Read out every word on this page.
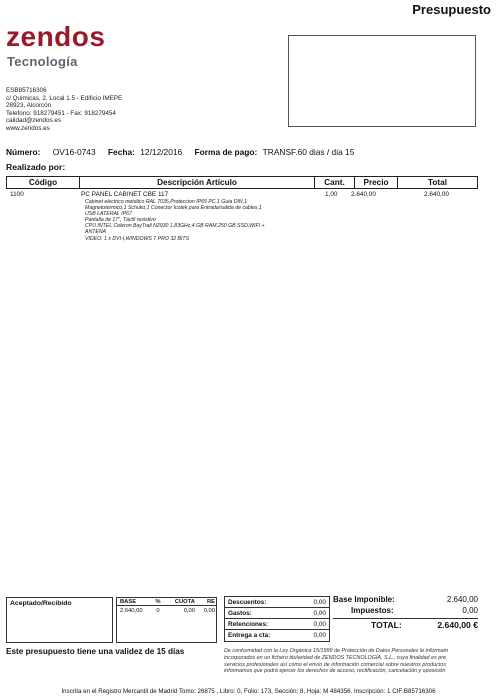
Presupuesto
zendos
Tecnología
ESB85716306
c/ Quimicas, 2. Local 1.5 - Edificio IMEPE
28923, Alcorcón
Telefono: 918279451 - Fax: 918279454
calidad@zendos.es
www.zendos.es
Número: OV16-0743 Fecha: 12/12/2016 Forma de pago: TRANSF.60 dias / dia 15
Realizado por:
Código	Descripción Artículo	Cant.	Precio	Total
1100	PC PANEL CABINET CBE 117	1,00 2.640,00	2.640,00
Cabinet electrico metalico RAL 7035,Proteccion IP65 PC,1 Guia DIN,1
Magnetotermico,1 Schuko,1 Conector Icotek para Entrada/salida de cables,1
USB LATERAL IP67
Pantalla de 17", Táctil resistivo
CPU INTEL Celeron BayTrail N2930 1.83GHz,4 GB RAM,250 GB SSD,WIFI +
ANTENA
VIDEO: 1 x DVI-I,WINDOWS 7 PRO 32 BITS
Aceptado/Recibido	BASE	%	CUOTA	RE
2.640,00	0	0,00	0,00
Descuentos:	0,00
Gastos:	0,00
Retenciones:	0,00
Entrega a cta:	0,00
Base Imponible:	2.640,00
Impuestos:	0,00
TOTAL:	2.640,00 €
Este presupuesto tiene una validez de 15 días	De conformidad con la Ley Orgánica 15/1999 de Protección de Datos Personales le informam
incorporados en un fichero titularidad de ZENDOS TECNOLOGÍA, S.L., cuya finalidad es pre
servicios profesionales así como el envío de información comercial sobre nuestros productos
informamos que podrá ejercer los derechos de acceso, rectificación, cancelación y oposición
Inscrita en el Registro Mercantil de Madrid Tomo: 26875 , Libro: 0, Folio: 173, Sección; 8, Hoja: M 484356. Inscripción: 1 CIF:B85716306
